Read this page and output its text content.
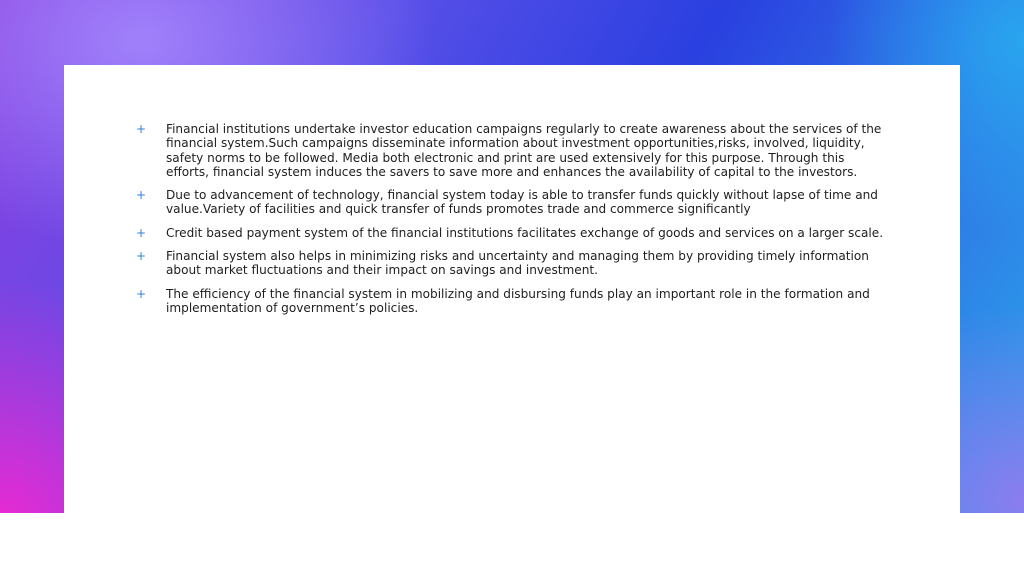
+ Financial institutions undertake investor education campaigns regularly to create awareness about the services of the financial system.Such campaigns disseminate information about investment opportunities,risks, involved, liquidity, safety norms to be followed. Media both electronic and print are used extensively for this purpose. Through this efforts, financial system induces the savers to save more and enhances the availability of capital to the investors.
+ Due to advancement of technology, financial system today is able to transfer funds quickly without lapse of time and value.Variety of facilities and quick transfer of funds promotes trade and commerce significantly
+ Credit based payment system of the financial institutions facilitates exchange of goods and services on a larger scale.
+ Financial system also helps in minimizing risks and uncertainty and managing them by providing timely information about market fluctuations and their impact on savings and investment.
+ The efficiency of the financial system in mobilizing and disbursing funds play an important role in the formation and implementation of government’s policies.
